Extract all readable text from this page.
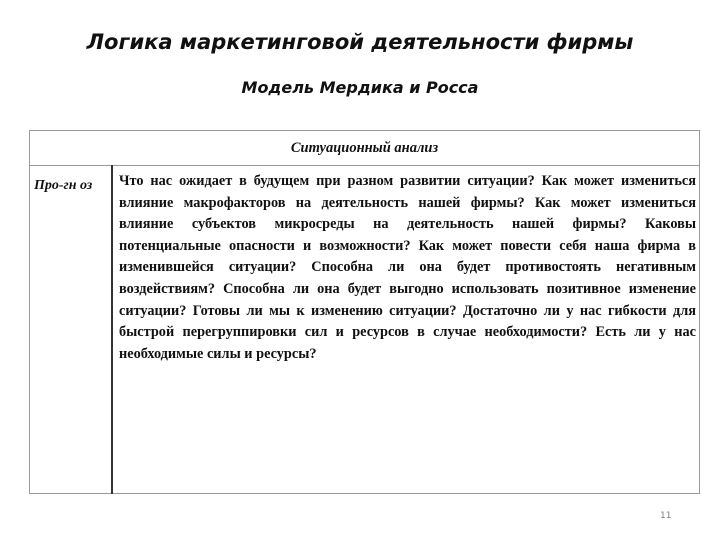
Логика маркетинговой деятельности фирмы
Модель Мердика и Росса
Ситуационный анализ
Про-гн оз	Что нас ожидает в будущем при разном развитии ситуации? Как может измениться влияние макрофакторов на деятельность нашей фирмы? Как может измениться влияние субъектов микросреды на деятельность нашей фирмы? Каковы потенциальные опасности и возможности? Как может повести себя наша фирма в изменившейся ситуации? Способна ли она будет противостоять негативным воздействиям? Способна ли она будет выгодно использовать позитивное изменение ситуации? Готовы ли мы к изменению ситуации? Достаточно ли у нас гибкости для быстрой перегруппировки сил и ресурсов в случае необходимости? Есть ли у нас необходимые силы и ресурсы?
11
